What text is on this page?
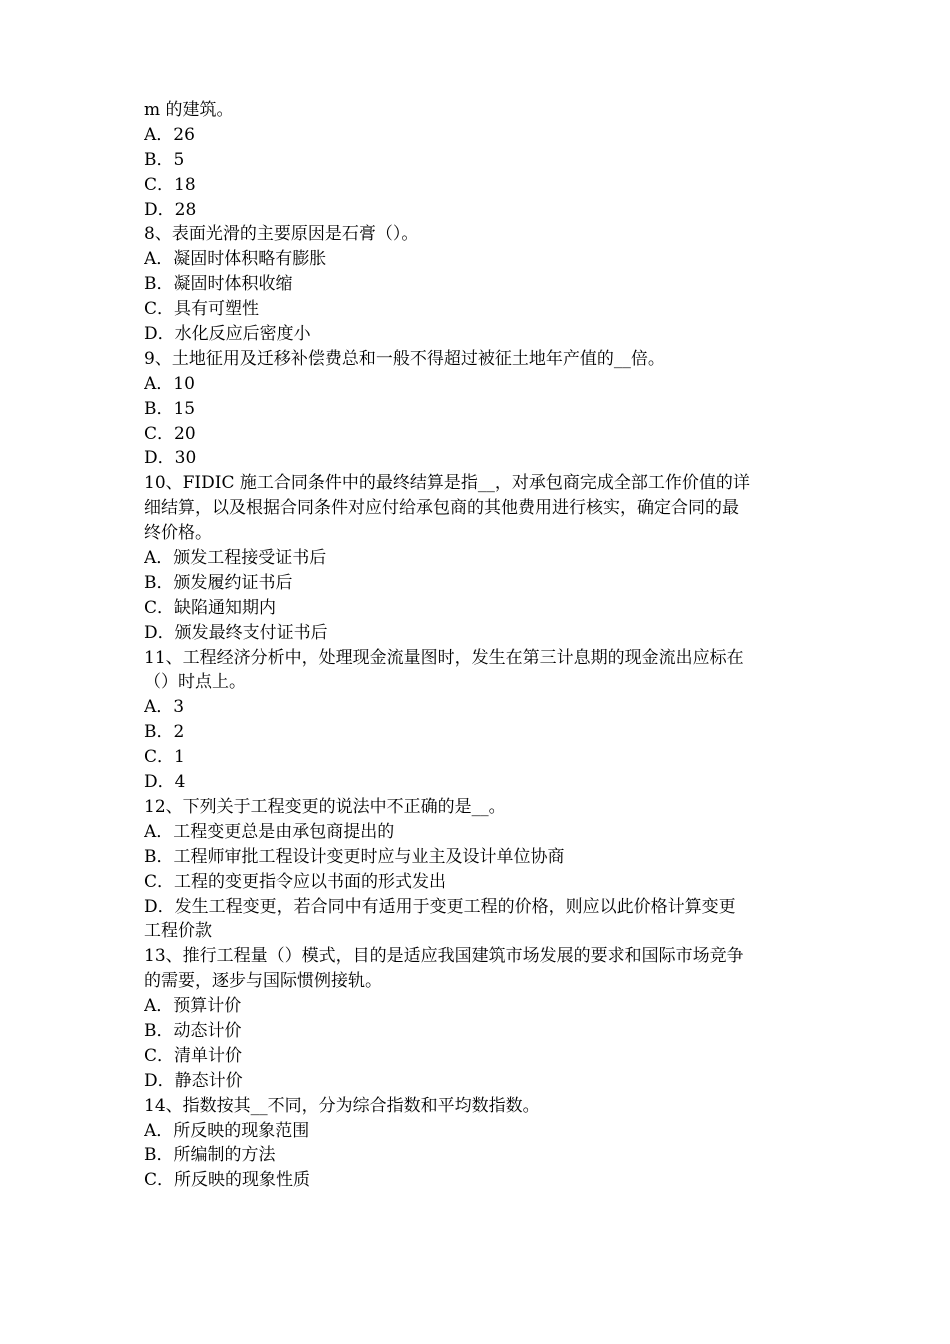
m 的建筑。
A．26
B．5
C．18
D．28
8、表面光滑的主要原因是石膏（）。
A．凝固时体积略有膨胀
B．凝固时体积收缩
C．具有可塑性
D．水化反应后密度小
9、土地征用及迁移补偿费总和一般不得超过被征土地年产值的__倍。
A．10
B．15
C．20
D．30
10、FIDIC 施工合同条件中的最终结算是指__，对承包商完成全部工作价值的详
细结算，以及根据合同条件对应付给承包商的其他费用进行核实，确定合同的最
终价格。
A．颁发工程接受证书后
B．颁发履约证书后
C．缺陷通知期内
D．颁发最终支付证书后
11、工程经济分析中，处理现金流量图时，发生在第三计息期的现金流出应标在
（）时点上。
A．3
B．2
C．1
D．4
12、下列关于工程变更的说法中不正确的是__。
A．工程变更总是由承包商提出的
B．工程师审批工程设计变更时应与业主及设计单位协商
C．工程的变更指令应以书面的形式发出
D．发生工程变更，若合同中有适用于变更工程的价格，则应以此价格计算变更
工程价款
13、推行工程量（）模式，目的是适应我国建筑市场发展的要求和国际市场竞争
的需要，逐步与国际惯例接轨。
A．预算计价
B．动态计价
C．清单计价
D．静态计价
14、指数按其__不同，分为综合指数和平均数指数。
A．所反映的现象范围
B．所编制的方法
C．所反映的现象性质
